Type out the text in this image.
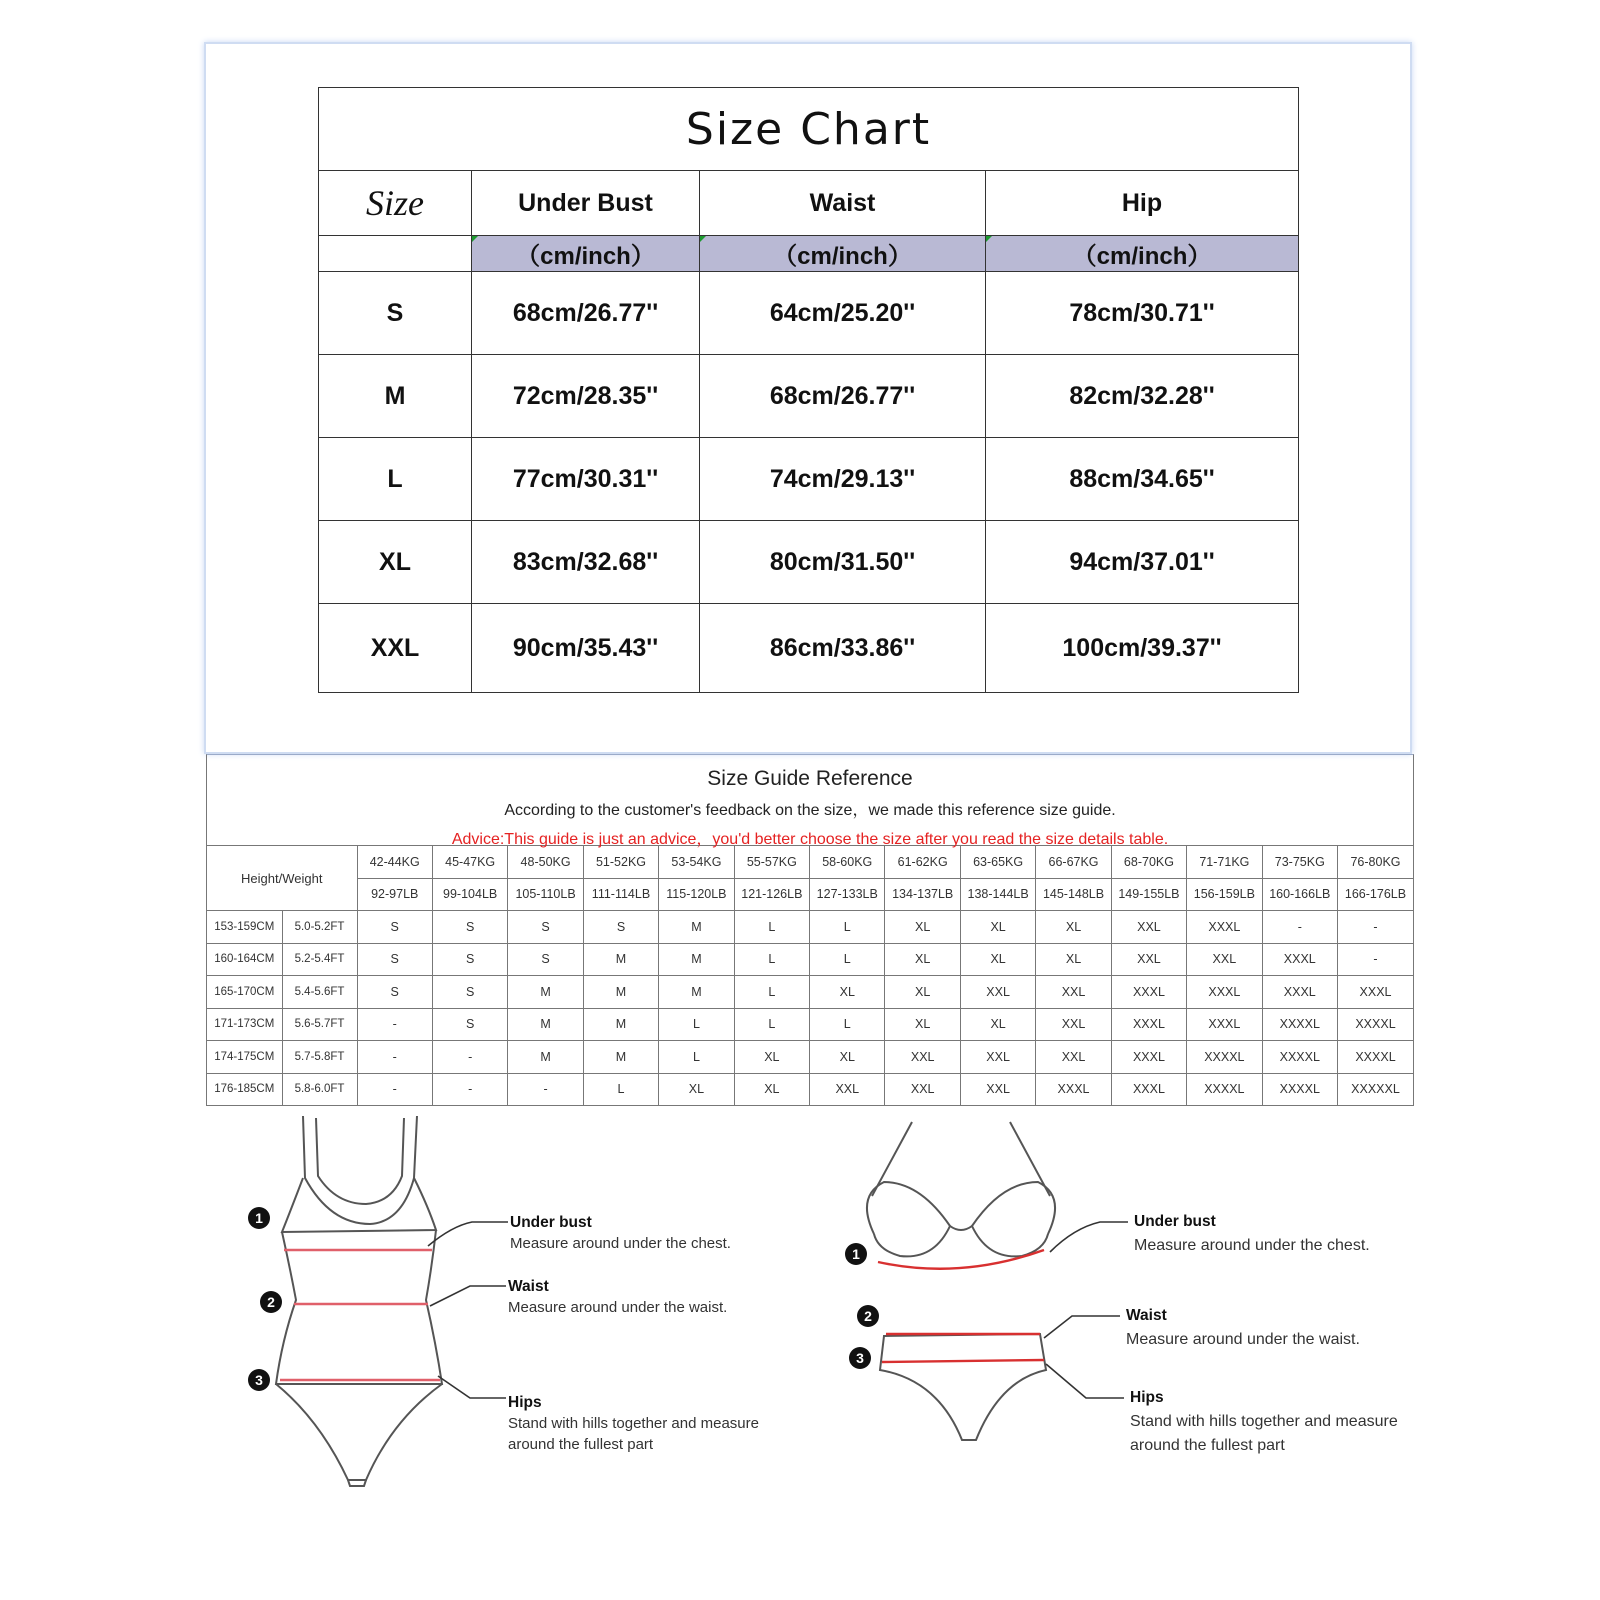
Size Chart			
Size	Under Bust	Waist	Hip
	（cm/inch）	（cm/inch）	（cm/inch）
S	68cm/26.77''	64cm/25.20''	78cm/30.71''
M	72cm/28.35''	68cm/26.77''	82cm/32.28''
L	77cm/30.31''	74cm/29.13''	88cm/34.65''
XL	83cm/32.68''	80cm/31.50''	94cm/37.01''
XXL	90cm/35.43''	86cm/33.86''	100cm/39.37''
Size Guide Reference
According to the customer's feedback on the size，we made this reference size guide.
Advice:This guide is just an advice，you'd better choose the size after you read the size details table.
Height/Weight		42-44KG	45-47KG	48-50KG	51-52KG	53-54KG	55-57KG	58-60KG	61-62KG	63-65KG	66-67KG	68-70KG	71-71KG	73-75KG	76-80KG
		92-97LB	99-104LB	105-110LB	111-114LB	115-120LB	121-126LB	127-133LB	134-137LB	138-144LB	145-148LB	149-155LB	156-159LB	160-166LB	166-176LB
153-159CM	5.0-5.2FT	S	S	S	S	M	L	L	XL	XL	XL	XXL	XXXL	-	-
160-164CM	5.2-5.4FT	S	S	S	M	M	L	L	XL	XL	XL	XXL	XXL	XXXL	-
165-170CM	5.4-5.6FT	S	S	M	M	M	L	XL	XL	XXL	XXL	XXXL	XXXL	XXXL	XXXL
171-173CM	5.6-5.7FT	-	S	M	M	L	L	L	XL	XL	XXL	XXXL	XXXL	XXXXL	XXXXL
174-175CM	5.7-5.8FT	-	-	M	M	L	XL	XL	XXL	XXL	XXL	XXXL	XXXXL	XXXXL	XXXXL
176-185CM	5.8-6.0FT	-	-	-	L	XL	XL	XXL	XXL	XXL	XXXL	XXXL	XXXXL	XXXXL	XXXXXL
1
2
3
1
2
3
Under bust
Measure around under the chest.
Waist
Measure around under the waist.
Hips
Stand with hills together and measure
around the fullest part
Under bust
Measure around under the chest.
Waist
Measure around under the waist.
Hips
Stand with hills together and measure
around the fullest part
